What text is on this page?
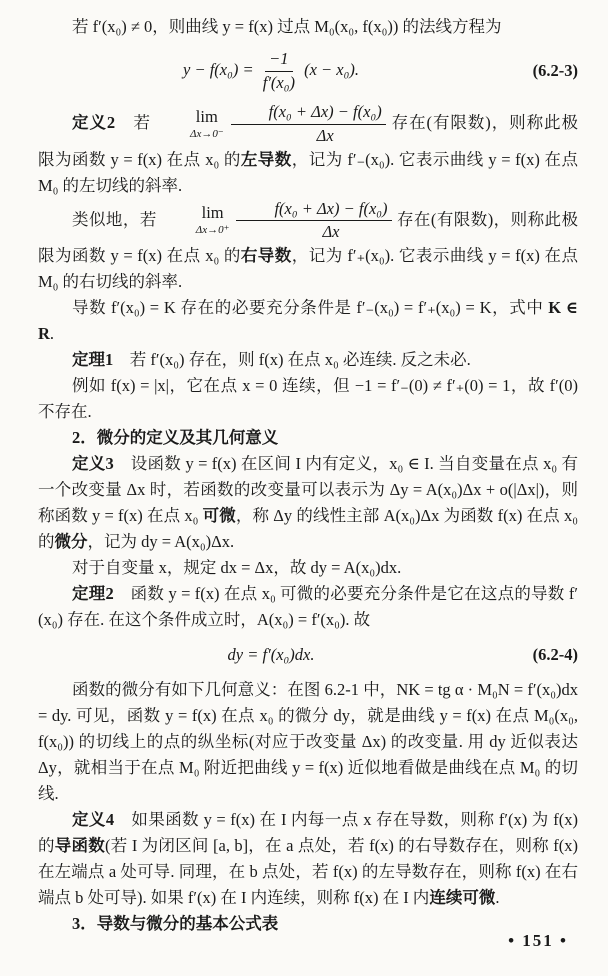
若 f′(x₀) ≠ 0，则曲线 y = f(x) 过点 M₀(x₀, f(x₀)) 的法线方程为

$y - f(x_0) = \frac{-1}{\text{f′(x₀)}} (x - x_0)$.	(6.2-3)

定义2　若	lim
$\Delta x\to 0^- \frac{\text{f(x₀ + Δx) − f(x₀)}}{\Delta x}$ 存在(有限数)，则称此极限为函数 y = f(x) 在点 x₀ 的左导数，记为 f′₋(x₀). 它表示曲线 y = f(x) 在点 M₀ 的左切线的斜率.

类似地，若	lim
$\Delta x\to 0^+ \frac{\text{f(x₀ + Δx) − f(x₀)}}{\Delta x}$ 存在(有限数)，则称此极限为函数 y = f(x) 在点 x₀ 的右导数，记为 f′₊(x₀). 它表示曲线 y = f(x) 在点 M₀ 的右切线的斜率.

导数 f′(x₀) = K 存在的必要充分条件是 f′₋(x₀) = f′₊(x₀) = K，式中 K ∈ R.

定理1　若 f′(x₀) 存在，则 f(x) 在点 x₀ 必连续. 反之未必.

例如 f(x) = |x|，它在点 x = 0 连续，但 −1 = f′₋(0) ≠ f′₊(0) = 1，故 f′(0) 不存在.

2．微分的定义及其几何意义

定义3　设函数 y = f(x) 在区间 I 内有定义，x₀ ∈ I. 当自变量在点 x₀ 有一个改变量 Δx 时，若函数的改变量可以表示为 Δy = A(x₀)Δx + o(|Δx|)，则称函数 y = f(x) 在点 x₀ 可微，称 Δy 的线性主部 A(x₀)Δx 为函数 f(x) 在点 x₀ 的微分，记为 dy = A(x₀)Δx.

对于自变量 x，规定 dx = Δx，故 dy = A(x₀)dx.

定理2　函数 y = f(x) 在点 x₀ 可微的必要充分条件是它在这点的导数 f′(x₀) 存在. 在这个条件成立时，A(x₀) = f′(x₀). 故

dy = f′(x₀)dx.	(6.2-4)

函数的微分有如下几何意义：在图 6.2-1 中，NK = tg α · M₀N = f′(x₀)dx = dy. 可见，函数 y = f(x) 在点 x₀ 的微分 dy，就是曲线 y = f(x) 在点 M₀(x₀, f(x₀)) 的切线上的点的纵坐标(对应于改变量 Δx) 的改变量. 用 dy 近似表达 Δy，就相当于在点 M₀ 附近把曲线 y = f(x) 近似地看做是曲线在点 M₀ 的切线.

定义4　如果函数 y = f(x) 在 I 内每一点 x 存在导数，则称 f′(x) 为 f(x) 的导函数(若 I 为闭区间 [a, b]，在 a 点处，若 f(x) 的右导数存在，则称 f(x) 在左端点 a 处可导. 同理，在 b 点处，若 f(x) 的左导数存在，则称 f(x) 在右端点 b 处可导). 如果 f′(x) 在 I 内连续，则称 f(x) 在 I 内连续可微.

3．导数与微分的基本公式表

• 151 •
